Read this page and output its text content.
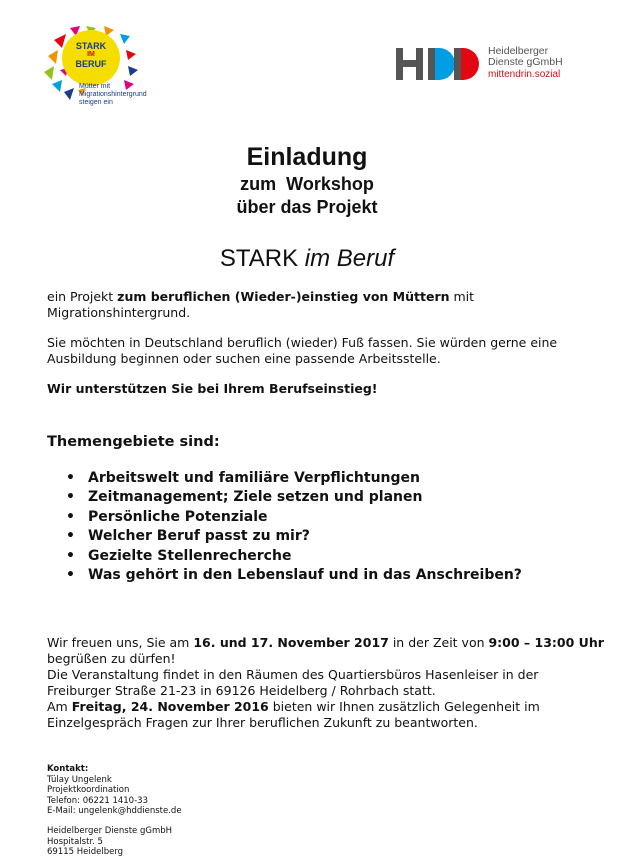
STARK
IM
BERUF
Mütter mit
Migrationshintergrund
steigen ein
Heidelberger
Dienste gGmbH
mittendrin.sozial
Einladung
zum  Workshop
über das Projekt
STARK im Beruf
ein Projekt zum beruflichen (Wieder-)einstieg von Müttern mit
Migrationshintergrund.
Sie möchten in Deutschland beruflich (wieder) Fuß fassen. Sie würden gerne eine
Ausbildung beginnen oder suchen eine passende Arbeitsstelle.
Wir unterstützen Sie bei Ihrem Berufseinstieg!
Themengebiete sind:
• Arbeitswelt und familiäre Verpflichtungen
• Zeitmanagement; Ziele setzen und planen
• Persönliche Potenziale
• Welcher Beruf passt zu mir?
• Gezielte Stellenrecherche
• Was gehört in den Lebenslauf und in das Anschreiben?
Wir freuen uns, Sie am 16. und 17. November 2017 in der Zeit von 9:00 – 13:00 Uhr
begrüßen zu dürfen!
Die Veranstaltung findet in den Räumen des Quartiersbüros Hasenleiser in der
Freiburger Straße 21-23 in 69126 Heidelberg / Rohrbach statt.
Am Freitag, 24. November 2016 bieten wir Ihnen zusätzlich Gelegenheit im
Einzelgespräch Fragen zur Ihrer beruflichen Zukunft zu beantworten.
Kontakt:
Tülay Ungelenk
Projektkoordination
Telefon: 06221 1410-33
E-Mail: ungelenk@hddienste.de
Heidelberger Dienste gGmbH
Hospitalstr. 5
69115 Heidelberg
